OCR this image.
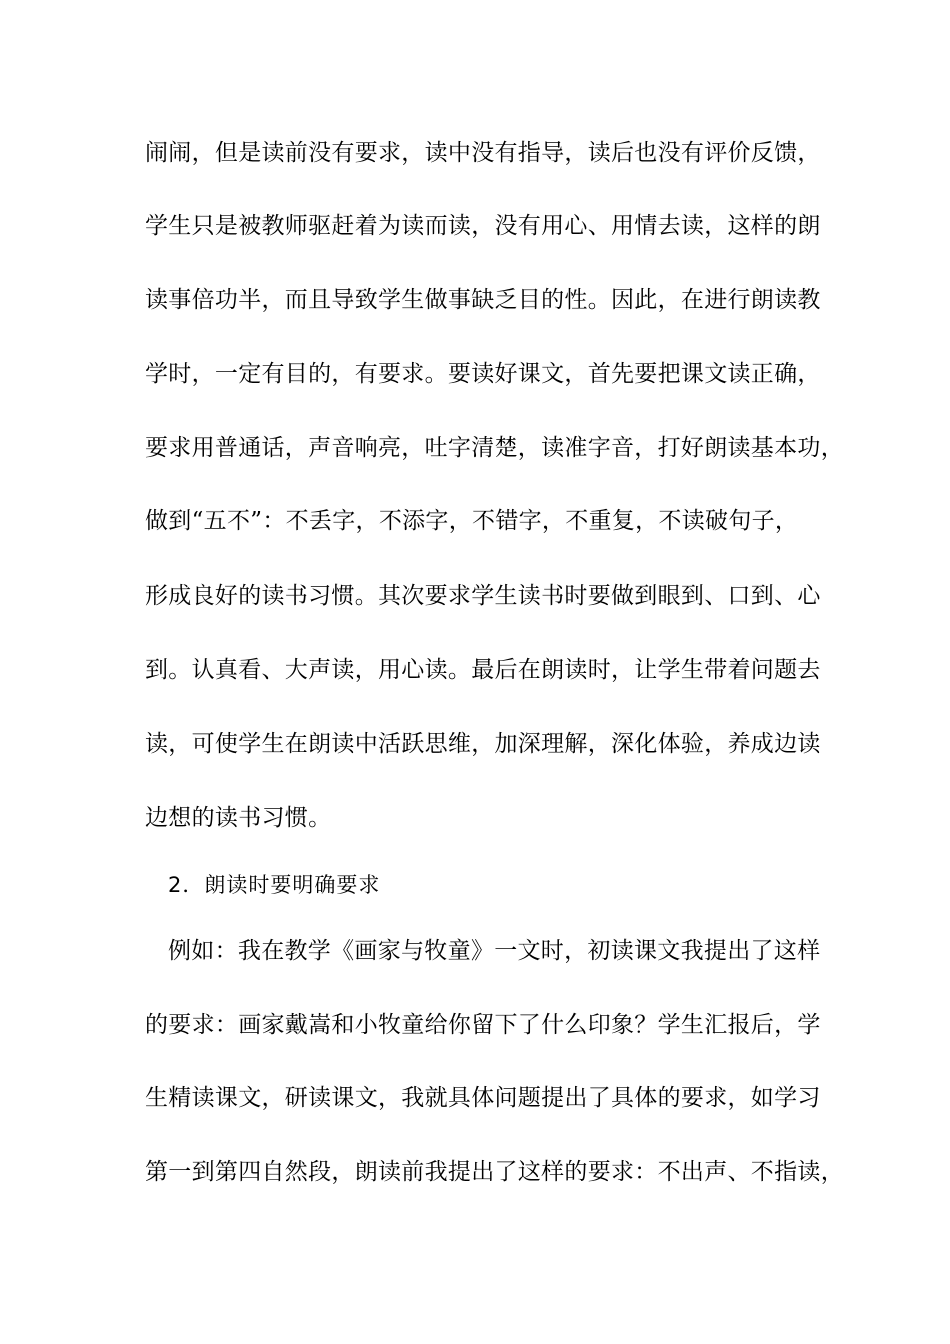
闹闹，但是读前没有要求，读中没有指导，读后也没有评价反馈，
学生只是被教师驱赶着为读而读，没有用心、用情去读，这样的朗
读事倍功半，而且导致学生做事缺乏目的性。因此，在进行朗读教
学时，一定有目的，有要求。要读好课文，首先要把课文读正确，
要求用普通话，声音响亮，吐字清楚，读准字音，打好朗读基本功，
做到“五不”：不丢字，不添字，不错字，不重复，不读破句子，
形成良好的读书习惯。其次要求学生读书时要做到眼到、口到、心
到。认真看、大声读，用心读。最后在朗读时，让学生带着问题去
读，可使学生在朗读中活跃思维，加深理解，深化体验，养成边读
边想的读书习惯。
2．朗读时要明确要求
例如：我在教学《画家与牧童》一文时，初读课文我提出了这样
的要求：画家戴嵩和小牧童给你留下了什么印象？学生汇报后，学
生精读课文，研读课文，我就具体问题提出了具体的要求，如学习
第一到第四自然段，朗读前我提出了这样的要求：不出声、不指读，
